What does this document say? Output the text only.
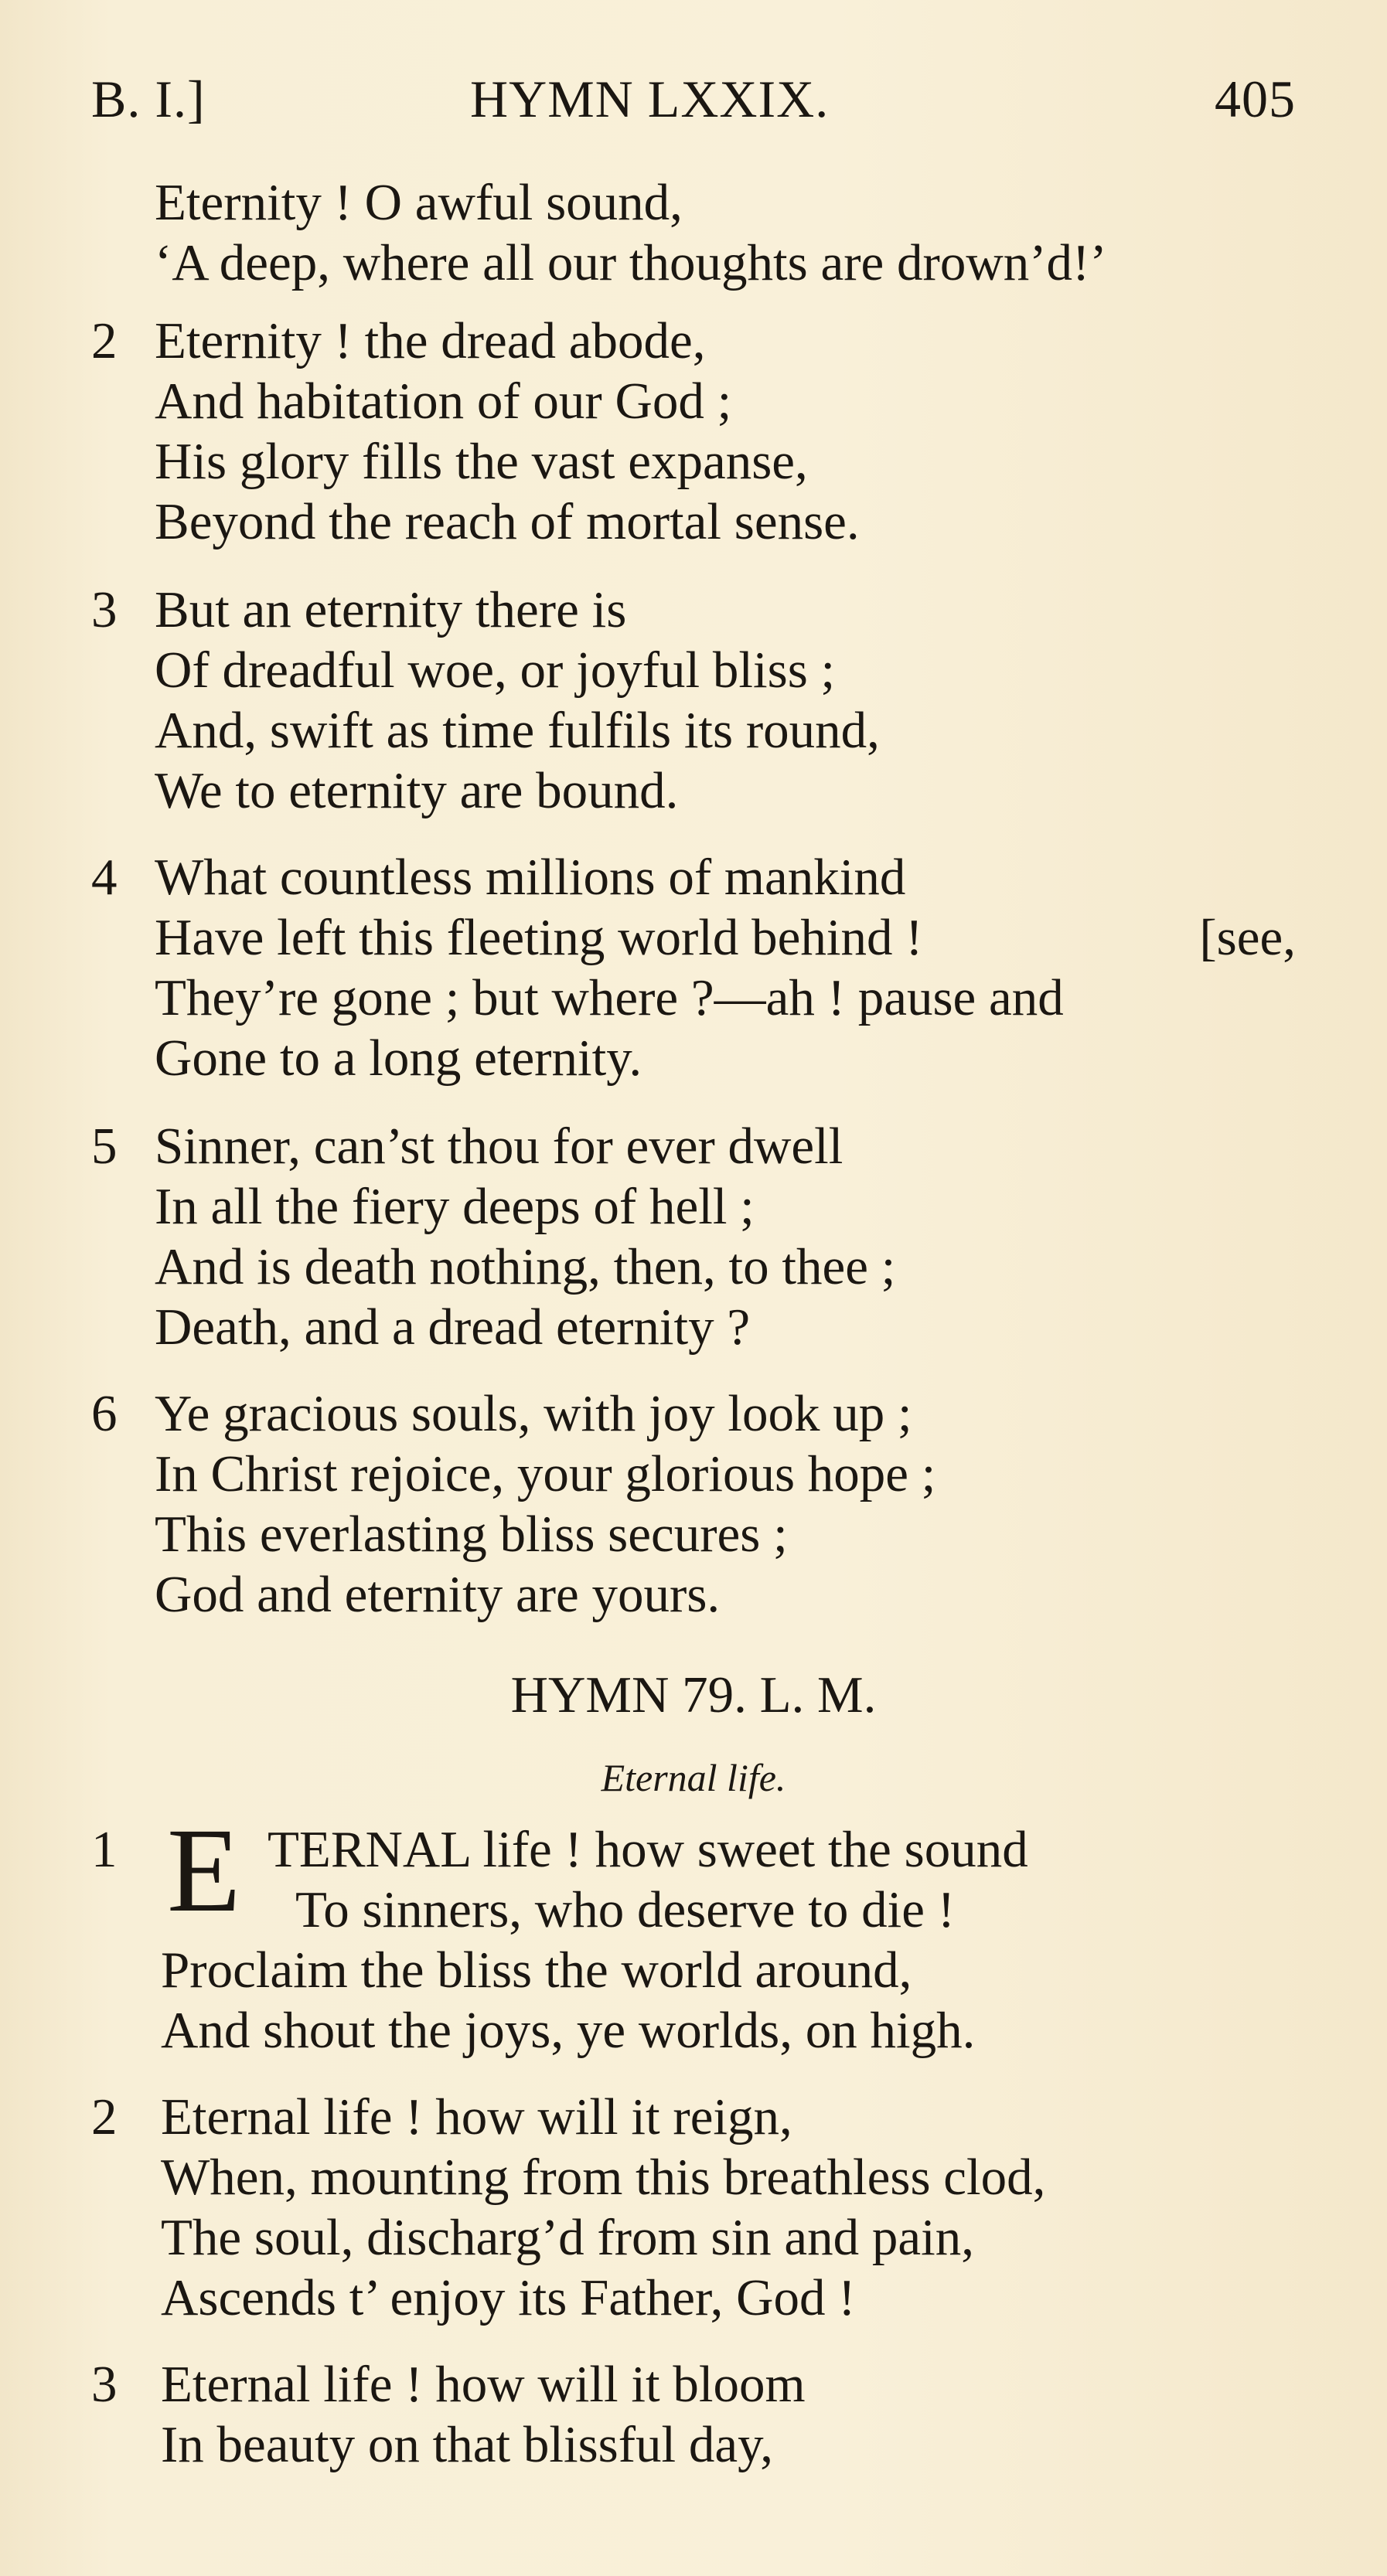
B. I.]	HYMN LXXIX.	405
Eternity ! O awful sound,
‘A deep, where all our thoughts are drown’d!’
2 Eternity ! the dread abode,
And habitation of our God ;
His glory fills the vast expanse,
Beyond the reach of mortal sense.
3 But an eternity there is
Of dreadful woe, or joyful bliss ;
And, swift as time fulfils its round,
We to eternity are bound.
4 What countless millions of mankind
Have left this fleeting world behind !	[see,
They’re gone ; but where ?—ah ! pause and
Gone to a long eternity.
5 Sinner, can’st thou for ever dwell
In all the fiery deeps of hell ;
And is death nothing, then, to thee ;
Death, and a dread eternity ?
6 Ye gracious souls, with joy look up ;
In Christ rejoice, your glorious hope ;
This everlasting bliss secures ;
God and eternity are yours.
HYMN 79. L. M.
Eternal life.
1 E TERNAL life ! how sweet the sound
To sinners, who deserve to die !
Proclaim the bliss the world around,
And shout the joys, ye worlds, on high.
2 Eternal life ! how will it reign,
When, mounting from this breathless clod,
The soul, discharg’d from sin and pain,
Ascends t’ enjoy its Father, God !
3 Eternal life ! how will it bloom
In beauty on that blissful day,
